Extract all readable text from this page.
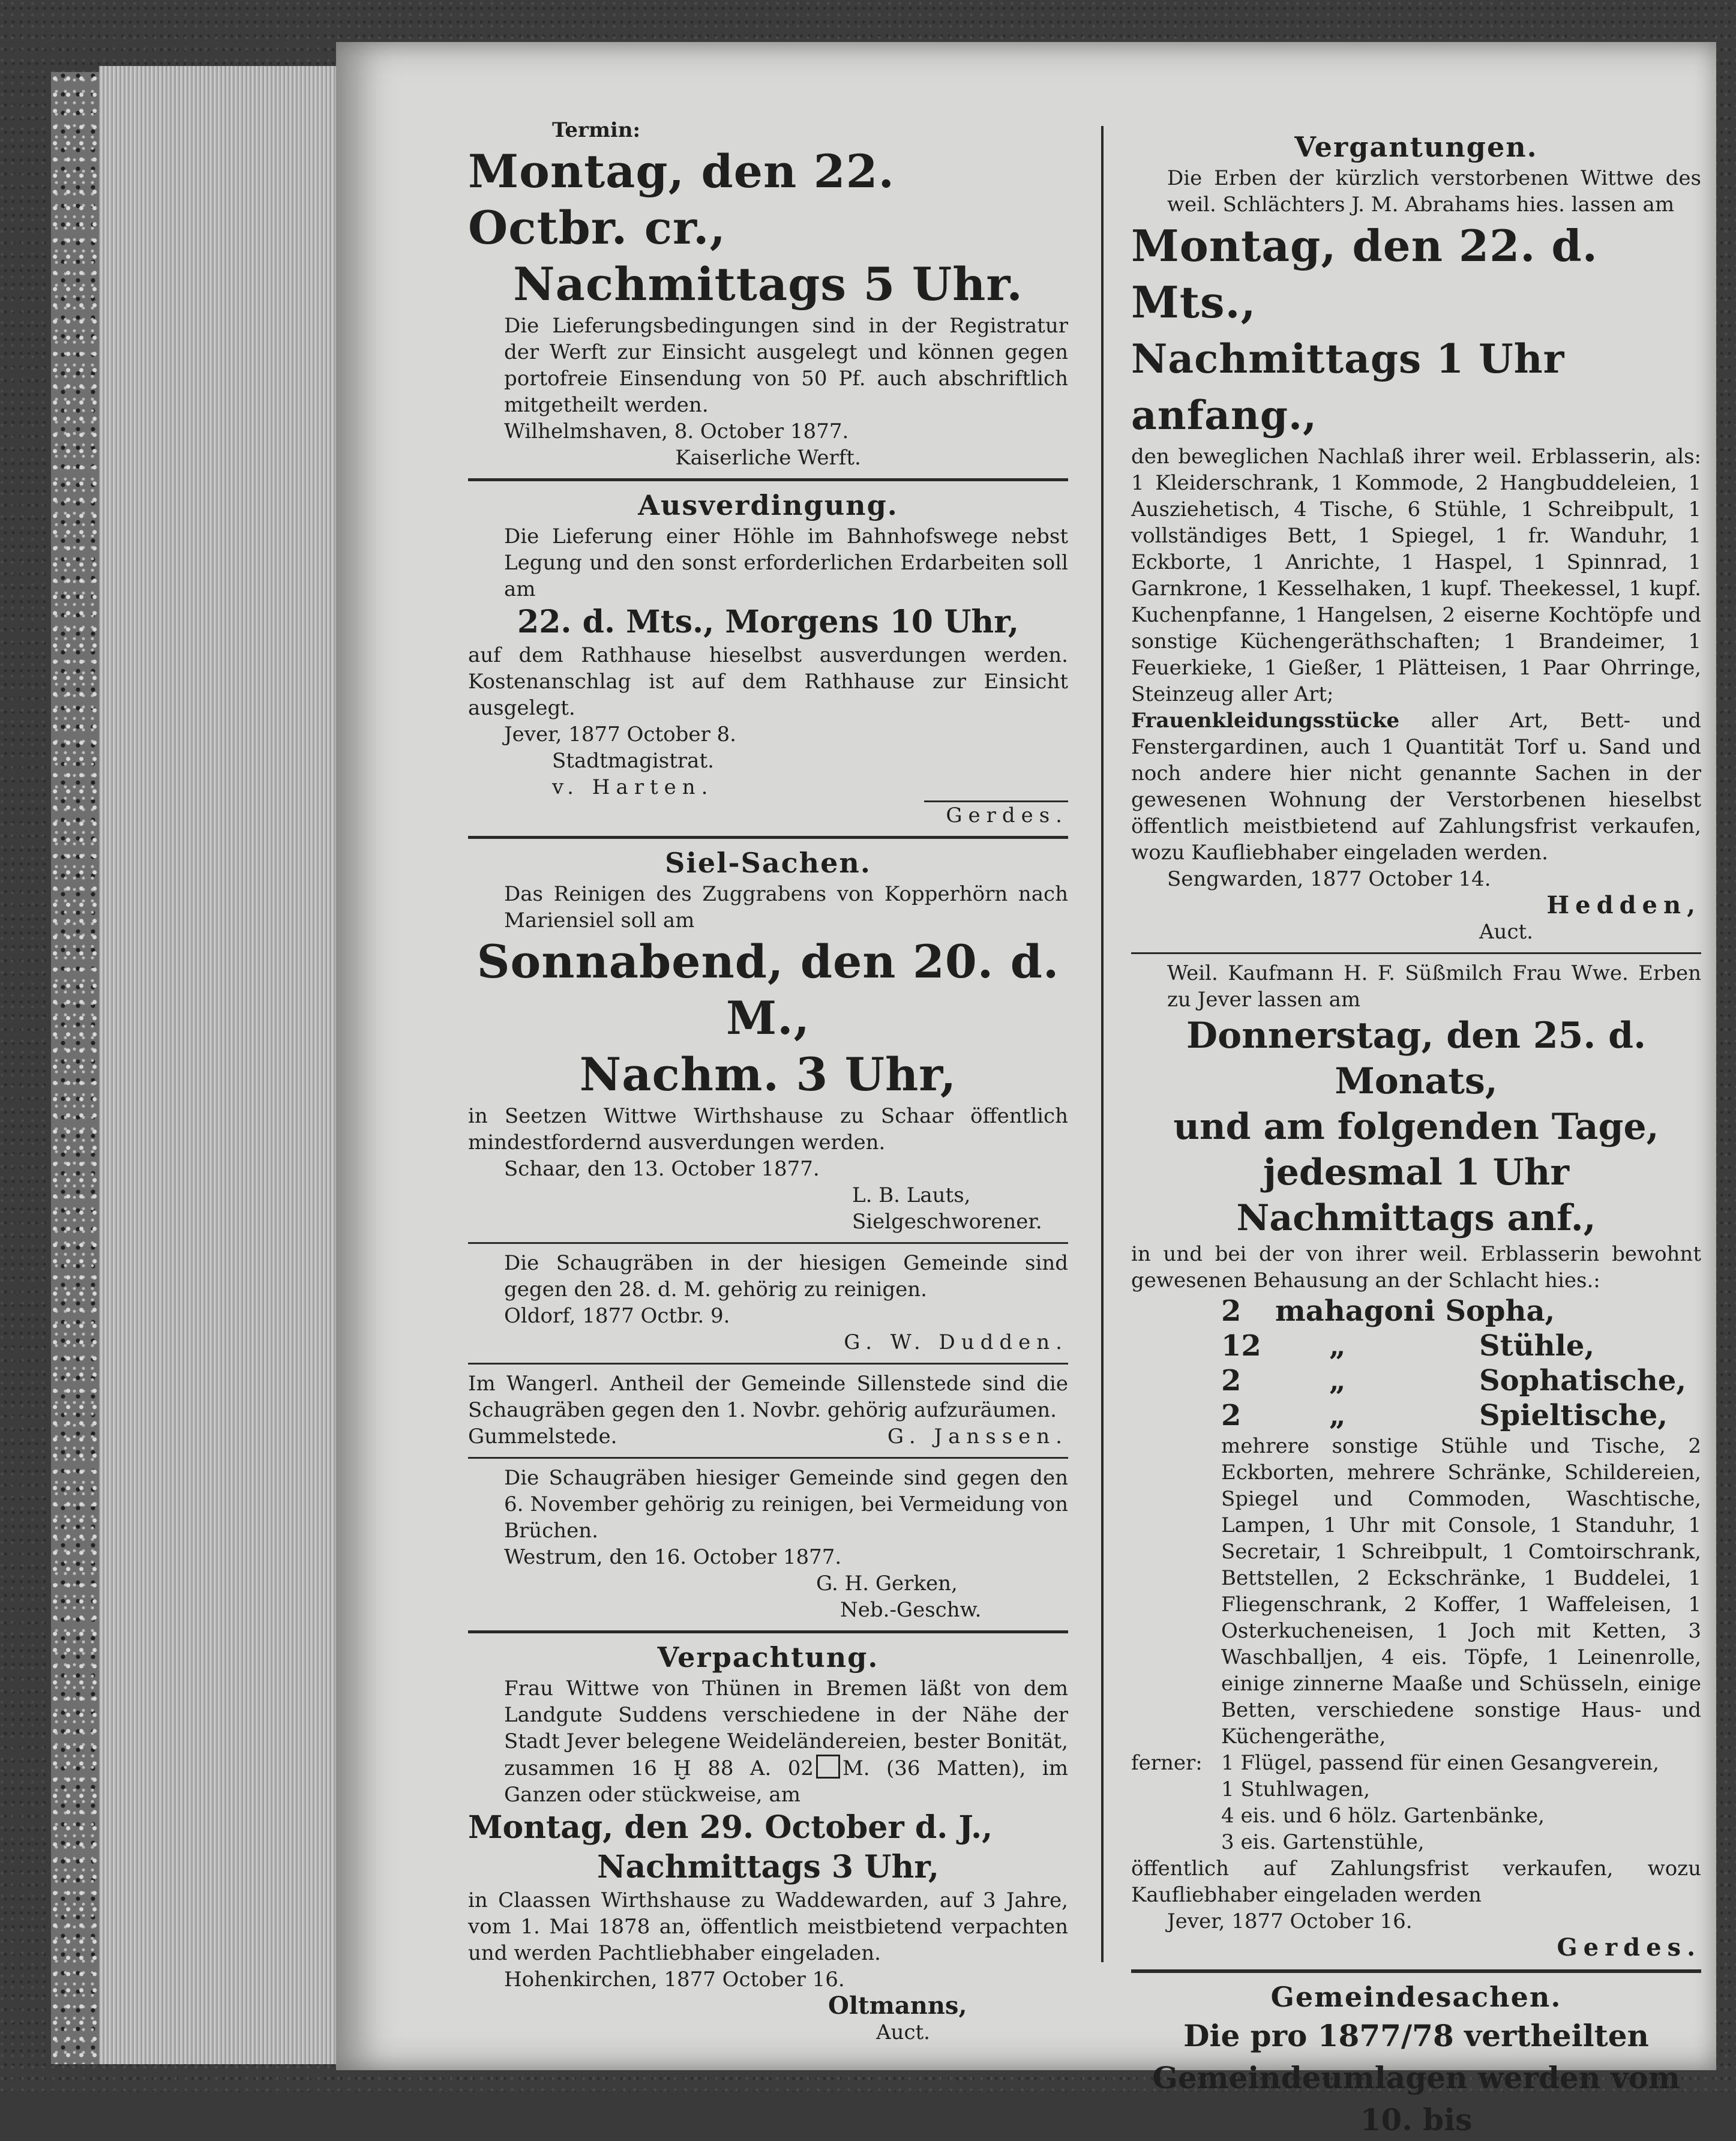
Termin:

Montag, den 22. Octbr. cr.,

Nachmittags 5 Uhr.

Die Lieferungsbedingungen sind in der Registratur der Werft zur Einsicht ausgelegt und können gegen portofreie Einsendung von 50 Pf. auch abschriftlich mitgetheilt werden.

Wilhelmshaven, 8. October 1877.

Kaiserliche Werft.

Ausverdingung.

Die Lieferung einer Höhle im Bahnhofswege nebst Legung und den sonst erforderlichen Erdarbeiten soll am

22. d. Mts., Morgens 10 Uhr,

auf dem Rathhause hieselbst ausverdungen werden. Kostenanschlag ist auf dem Rathhause zur Einsicht ausgelegt.

Jever, 1877 October 8.

Stadtmagistrat.

v. Harten.

Gerdes.

Siel-Sachen.

Das Reinigen des Zuggrabens von Kopperhörn nach Mariensiel soll am

Sonnabend, den 20. d. M.,

Nachm. 3 Uhr,

in Seetzen Wittwe Wirthshause zu Schaar öffentlich mindestfordernd ausverdungen werden.

Schaar, den 13. October 1877.

L. B. Lauts,

Sielgeschworener.

Die Schaugräben in der hiesigen Gemeinde sind gegen den 28. d. M. gehörig zu reinigen.

Oldorf, 1877 Octbr. 9.

G. W. Dudden.

Im Wangerl. Antheil der Gemeinde Sillenstede sind die Schaugräben gegen den 1. Novbr. gehörig aufzuräumen.

Gummelstede.	G. Janssen.

Die Schaugräben hiesiger Gemeinde sind gegen den 6. November gehörig zu reinigen, bei Vermeidung von Brüchen.

Westrum, den 16. October 1877.

G. H. Gerken,

Neb.-Geschw.

Verpachtung.

Frau Wittwe von Thünen in Bremen läßt von dem Landgute Suddens verschiedene in der Nähe der Stadt Jever belegene Weideländereien, bester Bonität, zusammen 16 Ḫ 88 A. 02 M. (36 Matten), im Ganzen oder stückweise, am

Montag, den 29. October d. J.,

Nachmittags 3 Uhr,

in Claassen Wirthshause zu Waddewarden, auf 3 Jahre, vom 1. Mai 1878 an, öffentlich meistbietend verpachten und werden Pachtliebhaber eingeladen.

Hohenkirchen, 1877 October 16.

Oltmanns,

Auct.

Vergantungen.

Die Erben der kürzlich verstorbenen Wittwe des weil. Schlächters J. M. Abrahams hies. lassen am

Montag, den 22. d. Mts.,

Nachmittags 1 Uhr anfang.,

den beweglichen Nachlaß ihrer weil. Erblasserin, als: 1 Kleiderschrank, 1 Kommode, 2 Hangbuddeleien, 1 Ausziehetisch, 4 Tische, 6 Stühle, 1 Schreibpult, 1 vollständiges Bett, 1 Spiegel, 1 fr. Wanduhr, 1 Eckborte, 1 Anrichte, 1 Haspel, 1 Spinnrad, 1 Garnkrone, 1 Kesselhaken, 1 kupf. Theekessel, 1 kupf. Kuchenpfanne, 1 Hangelsen, 2 eiserne Kochtöpfe und sonstige Küchengeräthschaften; 1 Brandeimer, 1 Feuerkieke, 1 Gießer, 1 Plätteisen, 1 Paar Ohrringe, Steinzeug aller Art;

Frauenkleidungsstücke aller Art, Bett- und Fenstergardinen, auch 1 Quantität Torf u. Sand und noch andere hier nicht genannte Sachen in der gewesenen Wohnung der Verstorbenen hieselbst öffentlich meistbietend auf Zahlungsfrist verkaufen, wozu Kaufliebhaber eingeladen werden.

Sengwarden, 1877 October 14.

Hedden,

Auct.

Weil. Kaufmann H. F. Süßmilch Frau Wwe. Erben zu Jever lassen am

Donnerstag, den 25. d. Monats,

und am folgenden Tage,

jedesmal 1 Uhr Nachmittags anf.,

in und bei der von ihrer weil. Erblasserin bewohnt gewesenen Behausung an der Schlacht hies.:

2	mahagoni Sopha,
12	„	Stühle,
2	„	Sophatische,
2	„	Spieltische,

mehrere sonstige Stühle und Tische, 2 Eckborten, mehrere Schränke, Schildereien, Spiegel und Commoden, Waschtische, Lampen, 1 Uhr mit Console, 1 Standuhr, 1 Secretair, 1 Schreibpult, 1 Comtoirschrank, Bettstellen, 2 Eckschränke, 1 Buddelei, 1 Fliegenschrank, 2 Koffer, 1 Waffeleisen, 1 Osterkucheneisen, 1 Joch mit Ketten, 3 Waschballjen, 4 eis. Töpfe, 1 Leinenrolle, einige zinnerne Maaße und Schüsseln, einige Betten, verschiedene sonstige Haus- und Küchengeräthe,

ferner: 1 Flügel, passend für einen Gesangverein,

1 Stuhlwagen,

4 eis. und 6 hölz. Gartenbänke,

3 eis. Gartenstühle,

öffentlich auf Zahlungsfrist verkaufen, wozu Kaufliebhaber eingeladen werden

Jever, 1877 October 16.

Gerdes.

Gemeindesachen.

Die pro 1877/78 vertheilten Gemeindeumlagen werden vom 10. bis
